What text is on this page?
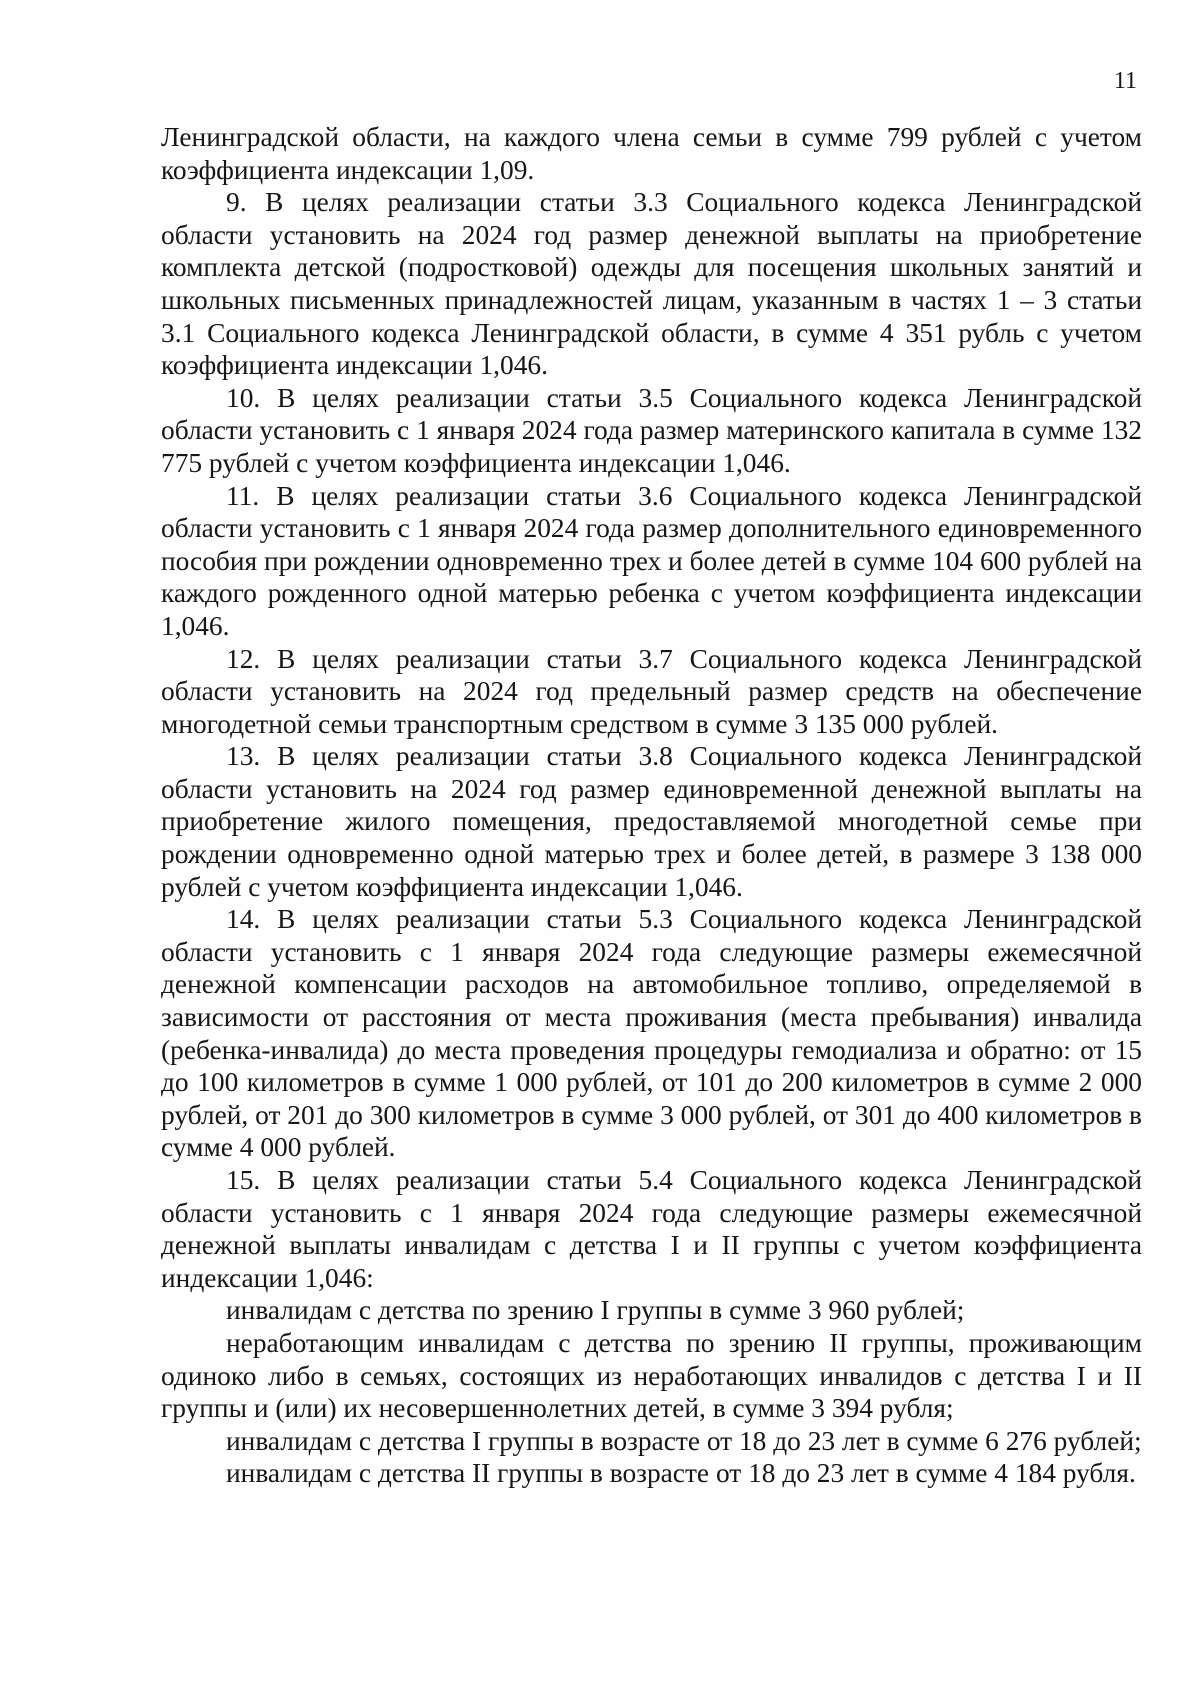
11

Ленинградской области, на каждого члена семьи в сумме 799 рублей с учетом коэффициента индексации 1,09.

9. В целях реализации статьи 3.3 Социального кодекса Ленинградской области установить на 2024 год размер денежной выплаты на приобретение комплекта детской (подростковой) одежды для посещения школьных занятий и школьных письменных принадлежностей лицам, указанным в частях 1 – 3 статьи 3.1 Социального кодекса Ленинградской области, в сумме 4 351 рубль с учетом коэффициента индексации 1,046.

10. В целях реализации статьи 3.5 Социального кодекса Ленинградской области установить с 1 января 2024 года размер материнского капитала в сумме 132 775 рублей с учетом коэффициента индексации 1,046.

11. В целях реализации статьи 3.6 Социального кодекса Ленинградской области установить с 1 января 2024 года размер дополнительного единовременного пособия при рождении одновременно трех и более детей в сумме 104 600 рублей на каждого рожденного одной матерью ребенка с учетом коэффициента индексации 1,046.

12. В целях реализации статьи 3.7 Социального кодекса Ленинградской области установить на 2024 год предельный размер средств на обеспечение многодетной семьи транспортным средством в сумме 3 135 000 рублей.

13. В целях реализации статьи 3.8 Социального кодекса Ленинградской области установить на 2024 год размер единовременной денежной выплаты на приобретение жилого помещения, предоставляемой многодетной семье при рождении одновременно одной матерью трех и более детей, в размере 3 138 000 рублей с учетом коэффициента индексации 1,046.

14. В целях реализации статьи 5.3 Социального кодекса Ленинградской области установить с 1 января 2024 года следующие размеры ежемесячной денежной компенсации расходов на автомобильное топливо, определяемой в зависимости от расстояния от места проживания (места пребывания) инвалида (ребенка-инвалида) до места проведения процедуры гемодиализа и обратно: от 15 до 100 километров в сумме 1 000 рублей, от 101 до 200 километров в сумме 2 000 рублей, от 201 до 300 километров в сумме 3 000 рублей, от 301 до 400 километров в сумме 4 000 рублей.

15. В целях реализации статьи 5.4 Социального кодекса Ленинградской области установить с 1 января 2024 года следующие размеры ежемесячной денежной выплаты инвалидам с детства I и II группы с учетом коэффициента индексации 1,046:

инвалидам с детства по зрению I группы в сумме 3 960 рублей;

неработающим инвалидам с детства по зрению II группы, проживающим одиноко либо в семьях, состоящих из неработающих инвалидов с детства I и II группы и (или) их несовершеннолетних детей, в сумме 3 394 рубля;

инвалидам с детства I группы в возрасте от 18 до 23 лет в сумме 6 276 рублей;

инвалидам с детства II группы в возрасте от 18 до 23 лет в сумме 4 184 рубля.
